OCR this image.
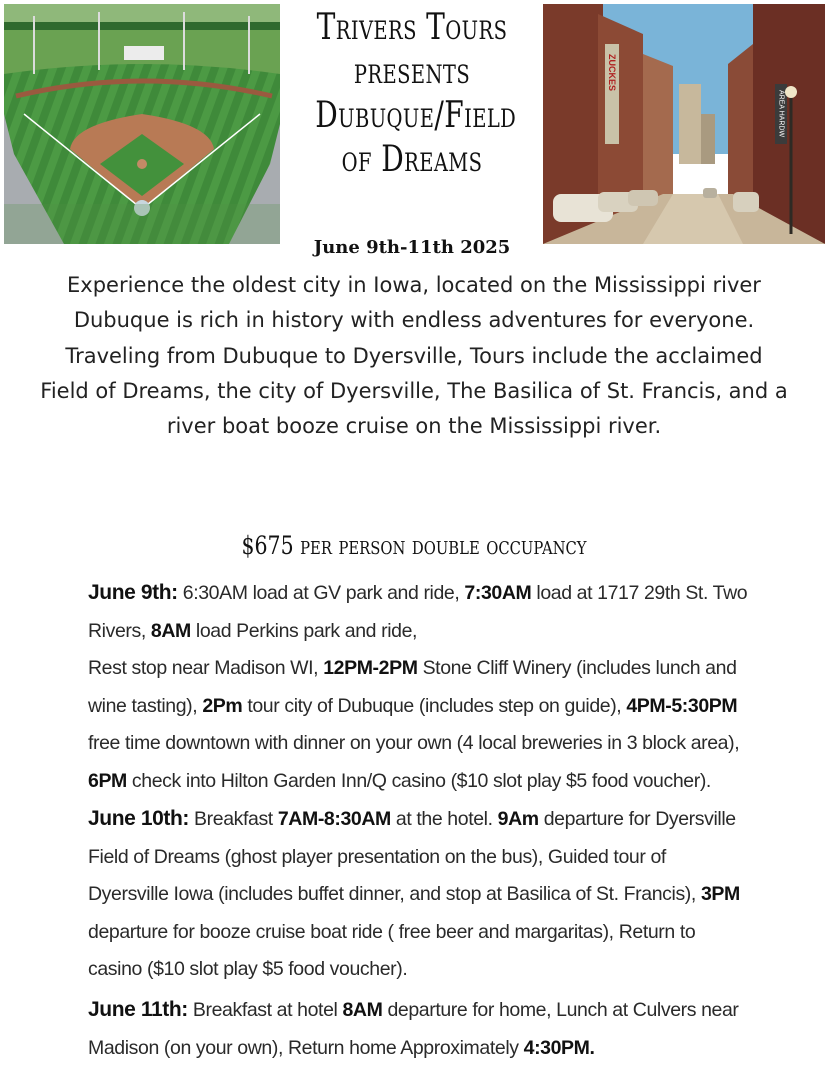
Trivers Tours
presents
Dubuque/Field
of Dreams
June 9th-11th 2025
ZUCKES
AREA HARDW

Experience the oldest city in Iowa, located on the Mississippi river Dubuque is rich in history with endless adventures for everyone.

Traveling from Dubuque to Dyersville, Tours include the acclaimed Field of Dreams, the city of Dyersville, The Basilica of St. Francis, and a river boat booze cruise on the Mississippi river.

$675 per person double occupancy
June 9th: 6:30AM load at GV park and ride, 7:30AM load at 1717 29th St. Two Rivers, 8AM load Perkins park and ride,
Rest stop near Madison WI, 12PM-2PM Stone Cliff Winery (includes lunch and wine tasting), 2Pm tour city of Dubuque (includes step on guide), 4PM-5:30PM free time downtown with dinner on your own (4 local breweries in 3 block area), 6PM check into Hilton Garden Inn/Q casino ($10 slot play $5 food voucher).
June 10th: Breakfast 7AM-8:30AM at the hotel. 9Am departure for Dyersville Field of Dreams (ghost player presentation on the bus), Guided tour of Dyersville Iowa (includes buffet dinner, and stop at Basilica of St. Francis), 3PM departure for booze cruise boat ride ( free beer and margaritas), Return to casino ($10 slot play $5 food voucher).
June 11th: Breakfast at hotel 8AM departure for home, Lunch at Culvers near Madison (on your own), Return home Approximately 4:30PM.
